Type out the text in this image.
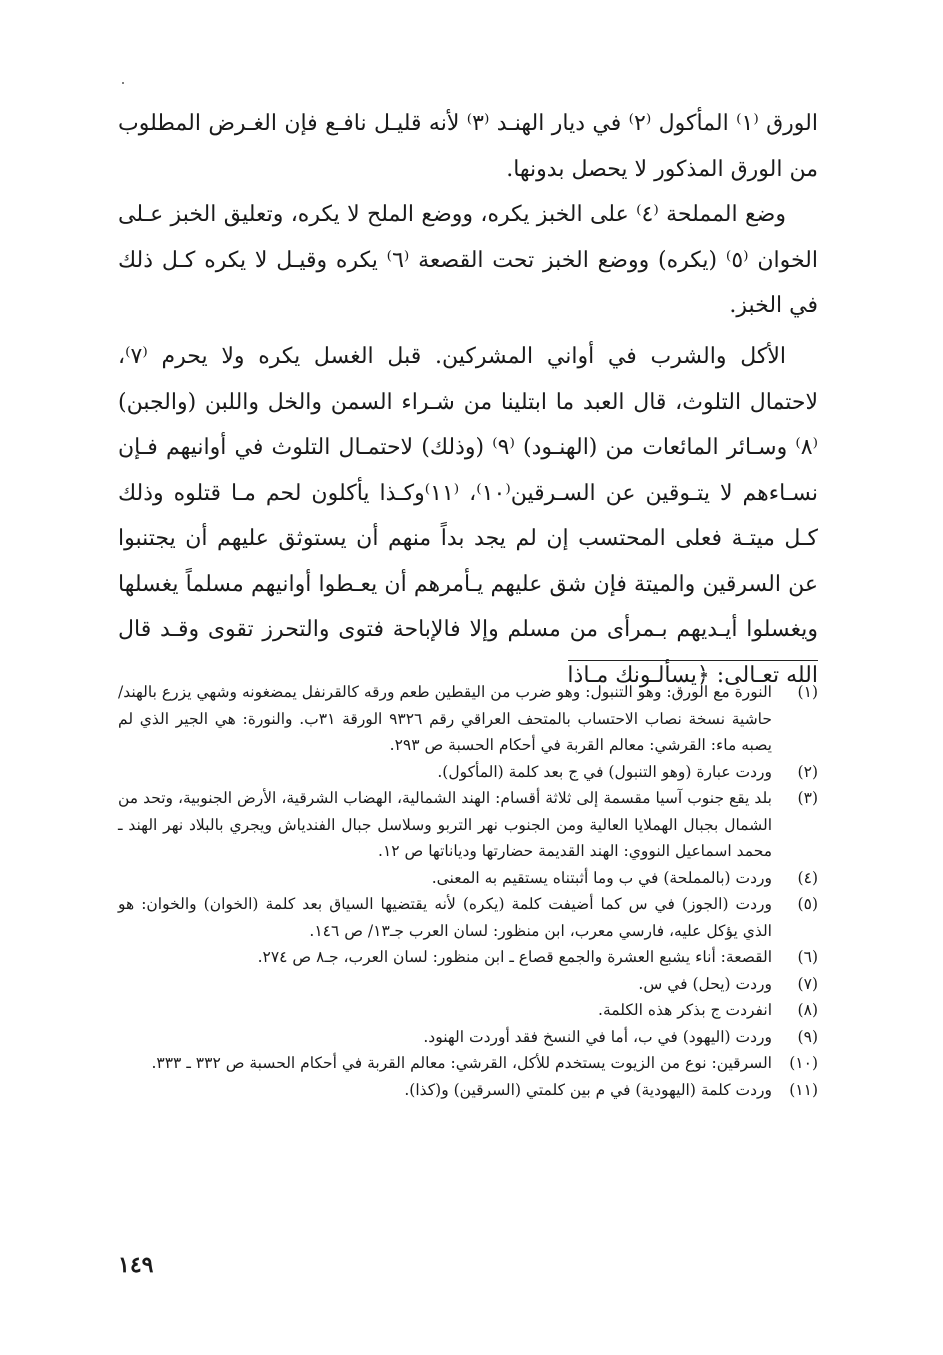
الورق ⁽١⁾ المأكول ⁽٢⁾ في ديار الهنـد ⁽٣⁾ لأنه قليـل نافـع فإن الغـرض المطلوب من الورق المذكور لا يحصل بدونها.

وضع المملحة ⁽٤⁾ على الخبز يكره، ووضع الملح لا يكره، وتعليق الخبز عـلى الخوان ⁽٥⁾ (يكره) ووضع الخبز تحت القصعة ⁽٦⁾ يكره وقيـل لا يكره كـل ذلك في الخبز.

الأكل والشرب في أواني المشركين. قبل الغسل يكره ولا يحرم ⁽٧⁾، لاحتمال التلوث، قال العبد ما ابتلينا من شـراء السمن والخل واللبن (والجبن) ⁽٨⁾ وسـائر المائعات من (الهنـود) ⁽٩⁾ (وذلك) لاحتمـال التلوث في أوانيهم فـإن نسـاءهم لا يتـوقين عن السـرقين⁽١٠⁾، ⁽١١⁾وكـذا يأكلون لحم مـا قتلوه وذلك كـل ميتـة فعلى المحتسب إن لم يجد بداً منهم أن يستوثق عليهم أن يجتنبوا عن السرقين والميتة فإن شق عليهم يـأمرهم أن يعـطوا أوانيهم مسلماً يغسلها ويغسلوا أيـديهم بـمرأى من مسلم وإلا فالإباحة فتوى والتحرز تقوى وقـد قال الله تعـالى: ﴿يسألـونك مـاذا

(١)
النورة مع الورق: وهو التنبول: وهو ضرب من اليقطين طعم ورقه كالقرنفل يمضغونه وشهي يزرع بالهند/ حاشية نسخة نصاب الاحتساب بالمتحف العراقي رقم ٩٣٢٦ الورقة ٣١ب. والنورة: هي الجير الذي لم يصبه ماء: القرشي: معالم القربة في أحكام الحسبة ص ٢٩٣.
(٢)
وردت عبارة (وهو التنبول) في ج بعد كلمة (المأكول).
(٣)
بلد يقع جنوب آسيا مقسمة إلى ثلاثة أقسام: الهند الشمالية، الهضاب الشرقية، الأرض الجنوبية، وتحد من الشمال بجبال الهملايا العالية ومن الجنوب نهر التربو وسلاسل جبال الفندياش ويجري بالبلاد نهر الهند ـ محمد اسماعيل النووي: الهند القديمة حضارتها ودياناتها ص ١٢.
(٤)
وردت (بالمملحة) في ب وما أثبتناه يستقيم به المعنى.
(٥)
وردت (الجوز) في س كما أضيفت كلمة (يكره) لأنه يقتضيها السياق بعد كلمة (الخوان) والخوان: هو الذي يؤكل عليه، فارسي معرب، ابن منظور: لسان العرب جـ١٣/ ص ١٤٦.
(٦)
القصعة: أناء يشبع العشرة والجمع قصاع ـ ابن منظور: لسان العرب، جـ٨ ص ٢٧٤.
(٧)
وردت (يحل) في س.
(٨)
انفردت ج بذكر هذه الكلمة.
(٩)
وردت (اليهود) في ب، أما في النسخ فقد أوردت الهنود.
(١٠)
السرقين: نوع من الزيوت يستخدم للأكل، القرشي: معالم القربة في أحكام الحسبة ص ٣٣٢ ـ ٣٣٣.
(١١)
وردت كلمة (اليهودية) في م بين كلمتي (السرقين) و(كذا).
١٤٩
